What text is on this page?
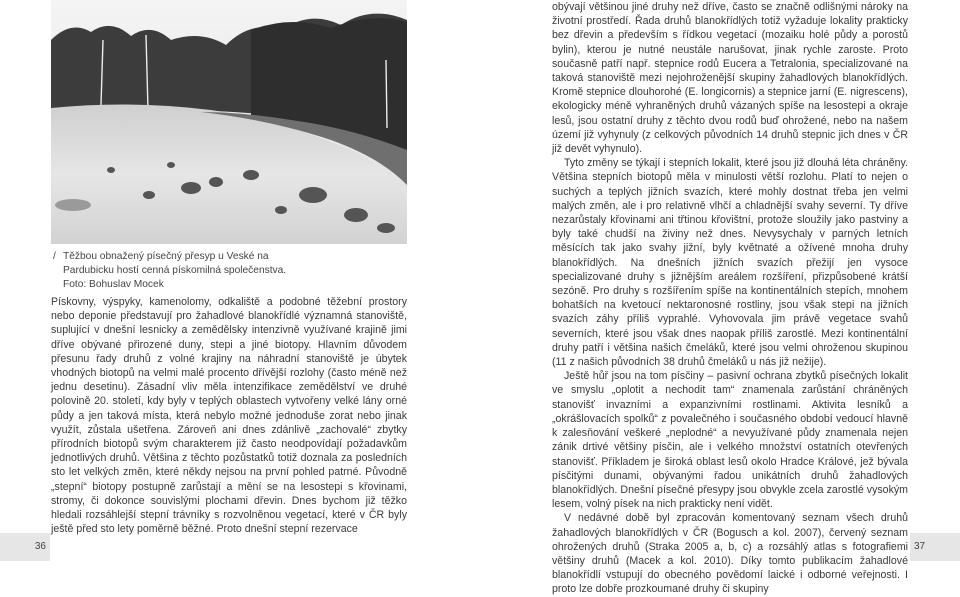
/ Těžbou obnažený písečný přesyp u Veské na Pardubicku hostí cenná pískomilná společenstva. Foto: Bohuslav Mocek

Pískovny, výspyky, kamenolomy, odkaliště a podobné těžební prostory nebo deponie představují pro žahadlové blanokřídlé významná stanoviště, suplující v dnešní lesnicky a zemědělsky intenzivně využívané krajině jimi dříve obývané přirozené duny, stepi a jiné biotopy. Hlavním důvodem přesunu řady druhů z volné krajiny na náhradní stanoviště je úbytek vhodných biotopů na velmi malé procento dřívější rozlohy (často méně než jednu desetinu). Zásadní vliv měla intenzifikace zemědělství ve druhé polovině 20. století, kdy byly v teplých oblastech vytvořeny velké lány orné půdy a jen taková místa, která nebylo možné jednoduše zorat nebo jinak využít, zůstala ušetřena. Zároveň ani dnes zdánlivě „zachovalé“ zbytky přírodních biotopů svým charakterem již často neodpovídají požadavkům jednotlivých druhů. Většina z těchto pozůstatků totiž doznala za posledních sto let velkých změn, které někdy nejsou na první pohled patrné. Původně „stepní“ biotopy postupně zarůstají a mění se na lesostepi s křovinami, stromy, či dokonce souvislými plochami dřevin. Dnes bychom již těžko hledali rozsáhlejší stepní trávníky s rozvolněnou vegetací, které v ČR byly ještě před sto lety poměrně běžné. Proto dnešní stepní rezervace

obývají většinou jiné druhy než dříve, často se značně odlišnými nároky na životní prostředí. Řada druhů blanokřídlých totiž vyžaduje lokality prakticky bez dřevin a především s řídkou vegetací (mozaiku holé půdy a porostů bylin), kterou je nutné neustále narušovat, jinak rychle zaroste. Proto současně patří např. stepnice rodů Eucera a Tetralonia, specializované na taková stanoviště mezi nejohroženější skupiny žahadlových blanokřídlých. Kromě stepnice dlouhorohé (E. longicornis) a stepnice jarní (E. nigrescens), ekologicky méně vyhraněných druhů vázaných spíše na lesostepi a okraje lesů, jsou ostatní druhy z těchto dvou rodů buď ohrožené, nebo na našem území již vyhynuly (z celkových původních 14 druhů stepnic jich dnes v ČR již devět vyhynulo).

Tyto změny se týkají i stepních lokalit, které jsou již dlouhá léta chráněny. Většina stepních biotopů měla v minulosti větší rozlohu. Platí to nejen o suchých a teplých jižních svazích, které mohly dostnat třeba jen velmi malých změn, ale i pro relativně vlhčí a chladnější svahy severní. Ty dříve nezarůstaly křovinami ani třtinou křovištní, protože sloužily jako pastviny a byly také chudší na živiny než dnes. Nevysychaly v parných letních měsících tak jako svahy jižní, byly květnaté a ožívené mnoha druhy blanokřídlých. Na dnešních jižních svazích přežijí jen vysoce specializované druhy s jižnějším areálem rozšíření, přizpůsobené krátší sezóně. Pro druhy s rozšířením spíše na kontinentálních stepích, mnohem bohatších na kvetoucí nektaronosné rostliny, jsou však stepi na jižních svazích záhy příliš vyprahlé. Vyhovovala jim právě vegetace svahů severních, které jsou však dnes naopak příliš zarostlé. Mezi kontinentální druhy patří i většina našich čmeláků, které jsou velmi ohroženou skupinou (11 z našich původních 38 druhů čmeláků u nás již nežije).

Ještě hůř jsou na tom písčiny – pasivní ochrana zbytků písečných lokalit ve smyslu „oplotit a nechodit tam“ znamenala zarůstání chráněných stanovišť invazními a expanzivními rostlinami. Aktivita lesníků a „okrášlovacích spolků“ z povalečného i současného období vedoucí hlavně k zalesňování veškeré „neplodné“ a nevyužívané půdy znamenala nejen zánik drtivé většiny písčin, ale i velkého množství ostatních otevřených stanovišť. Příkladem je široká oblast lesů okolo Hradce Králové, jež bývala písčitými dunami, obývanými řadou unikátních druhů žahadlových blanokřídlých. Dnešní písečné přesypy jsou obvykle zcela zarostlé vysokým lesem, volný písek na nich prakticky není vidět.

V nedávné době byl zpracován komentovaný seznam všech druhů žahadlových blanokřídlých v ČR (Bogusch a kol. 2007), červený seznam ohrožených druhů (Straka 2005 a, b, c) a rozsáhlý atlas s fotografiemi většiny druhů (Macek a kol. 2010). Díky tomto publikacím žahadlové blanokřídlí vstupují do obecného povědomí laické i odborné veřejnosti. I proto lze dobře prozkoumané druhy či skupiny

36	37
